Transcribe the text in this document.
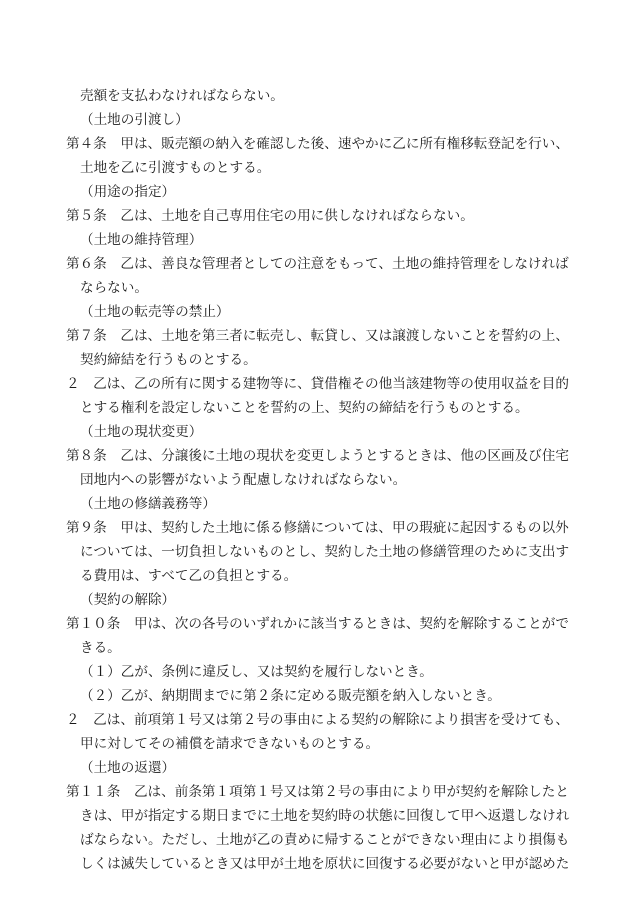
売額を支払わなければならない。
（土地の引渡し）
第４条　甲は、販売額の納入を確認した後、速やかに乙に所有権移転登記を行い、
土地を乙に引渡すものとする。
（用途の指定）
第５条　乙は、土地を自己専用住宅の用に供しなければならない。
（土地の維持管理）
第６条　乙は、善良な管理者としての注意をもって、土地の維持管理をしなければ
ならない。
（土地の転売等の禁止）
第７条　乙は、土地を第三者に転売し、転貸し、又は譲渡しないことを誓約の上、
契約締結を行うものとする。
２　乙は、乙の所有に関する建物等に、貸借権その他当該建物等の使用収益を目的
とする権利を設定しないことを誓約の上、契約の締結を行うものとする。
（土地の現状変更）
第８条　乙は、分譲後に土地の現状を変更しようとするときは、他の区画及び住宅
団地内への影響がないよう配慮しなければならない。
（土地の修繕義務等）
第９条　甲は、契約した土地に係る修繕については、甲の瑕疵に起因するもの以外
については、一切負担しないものとし、契約した土地の修繕管理のために支出す
る費用は、すべて乙の負担とする。
（契約の解除）
第１０条　甲は、次の各号のいずれかに該当するときは、契約を解除することがで
きる。
（１）乙が、条例に違反し、又は契約を履行しないとき。
（２）乙が、納期間までに第２条に定める販売額を納入しないとき。
２　乙は、前項第１号又は第２号の事由による契約の解除により損害を受けても、
甲に対してその補償を請求できないものとする。
（土地の返還）
第１１条　乙は、前条第１項第１号又は第２号の事由により甲が契約を解除したと
きは、甲が指定する期日までに土地を契約時の状態に回復して甲へ返還しなけれ
ばならない。ただし、土地が乙の責めに帰することができない理由により損傷も
しくは滅失しているとき又は甲が土地を原状に回復する必要がないと甲が認めた
